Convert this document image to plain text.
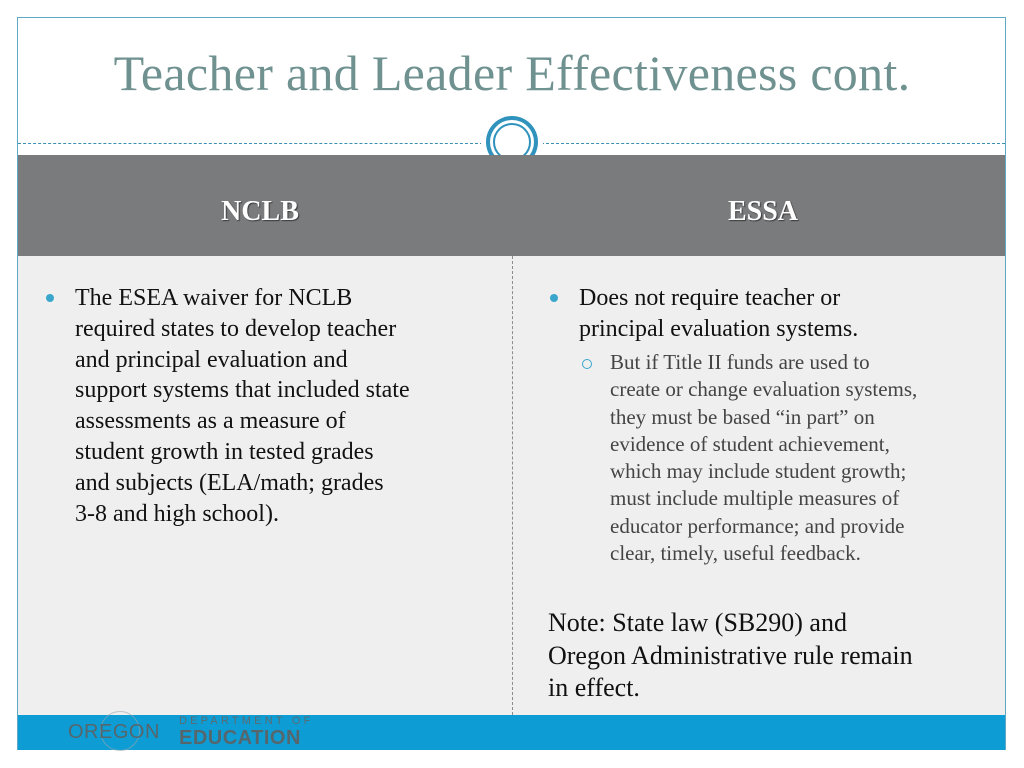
Teacher and Leader Effectiveness cont.
NCLB	ESSA
The ESEA waiver for NCLB
required states to develop teacher
and principal evaluation and
support systems that included state
assessments as a measure of
student growth in tested grades
and subjects (ELA/math; grades
3-8 and high school).
Does not require teacher or
principal evaluation systems.
But if Title II funds are used to
create or change evaluation systems,
they must be based “in part” on
evidence of student achievement,
which may include student growth;
must include multiple measures of
educator performance; and provide
clear, timely, useful feedback.
Note: State law (SB290) and
Oregon Administrative rule remain
in effect.
OREGON DEPARTMENT OF
EDUCATION
